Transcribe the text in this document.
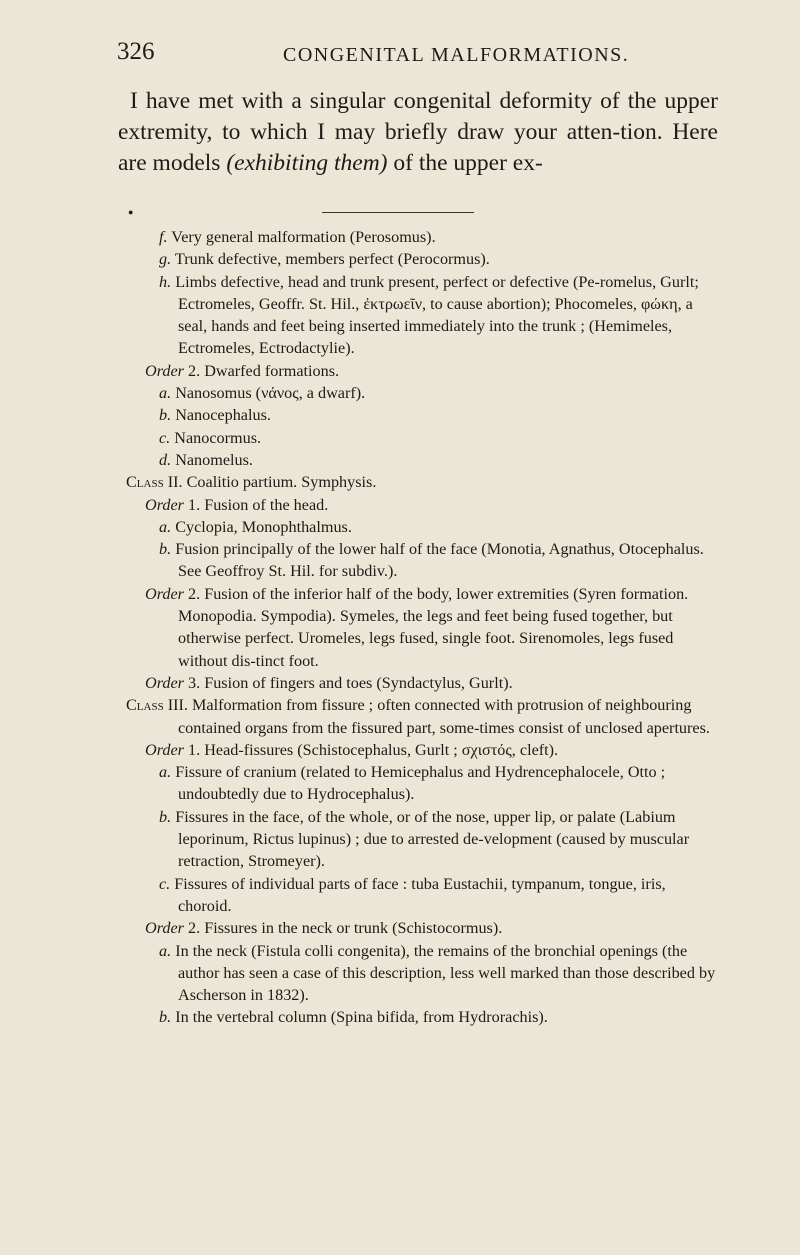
326	CONGENITAL MALFORMATIONS.

I have met with a singular congenital deformity of the upper extremity, to which I may briefly draw your atten-tion. Here are models (exhibiting them) of the upper ex-

●

f. Very general malformation (Perosomus).

g. Trunk defective, members perfect (Perocormus).

h. Limbs defective, head and trunk present, perfect or defective (Pe-romelus, Gurlt; Ectromeles, Geoffr. St. Hil., ἐκτρωεῖν, to cause abortion); Phocomeles, φώκη, a seal, hands and feet being inserted immediately into the trunk ; (Hemimeles, Ectromeles, Ectrodactylie).

Order 2. Dwarfed formations.

a. Nanosomus (νάνος, a dwarf).

b. Nanocephalus.

c. Nanocormus.

d. Nanomelus.

Class II. Coalitio partium. Symphysis.

Order 1. Fusion of the head.

a. Cyclopia, Monophthalmus.

b. Fusion principally of the lower half of the face (Monotia, Agnathus, Otocephalus. See Geoffroy St. Hil. for subdiv.).

Order 2. Fusion of the inferior half of the body, lower extremities (Syren formation. Monopodia. Sympodia). Symeles, the legs and feet being fused together, but otherwise perfect. Uromeles, legs fused, single foot. Sirenomoles, legs fused without dis-tinct foot.

Order 3. Fusion of fingers and toes (Syndactylus, Gurlt).

Class III. Malformation from fissure ; often connected with protrusion of neighbouring contained organs from the fissured part, some-times consist of unclosed apertures.

Order 1. Head-fissures (Schistocephalus, Gurlt ; σχιστός, cleft).

a. Fissure of cranium (related to Hemicephalus and Hydrencephalocele, Otto ; undoubtedly due to Hydrocephalus).

b. Fissures in the face, of the whole, or of the nose, upper lip, or palate (Labium leporinum, Rictus lupinus) ; due to arrested de-velopment (caused by muscular retraction, Stromeyer).

c. Fissures of individual parts of face : tuba Eustachii, tympanum, tongue, iris, choroid.

Order 2. Fissures in the neck or trunk (Schistocormus).

a. In the neck (Fistula colli congenita), the remains of the bronchial openings (the author has seen a case of this description, less well marked than those described by Ascherson in 1832).

b. In the vertebral column (Spina bifida, from Hydrorachis).
